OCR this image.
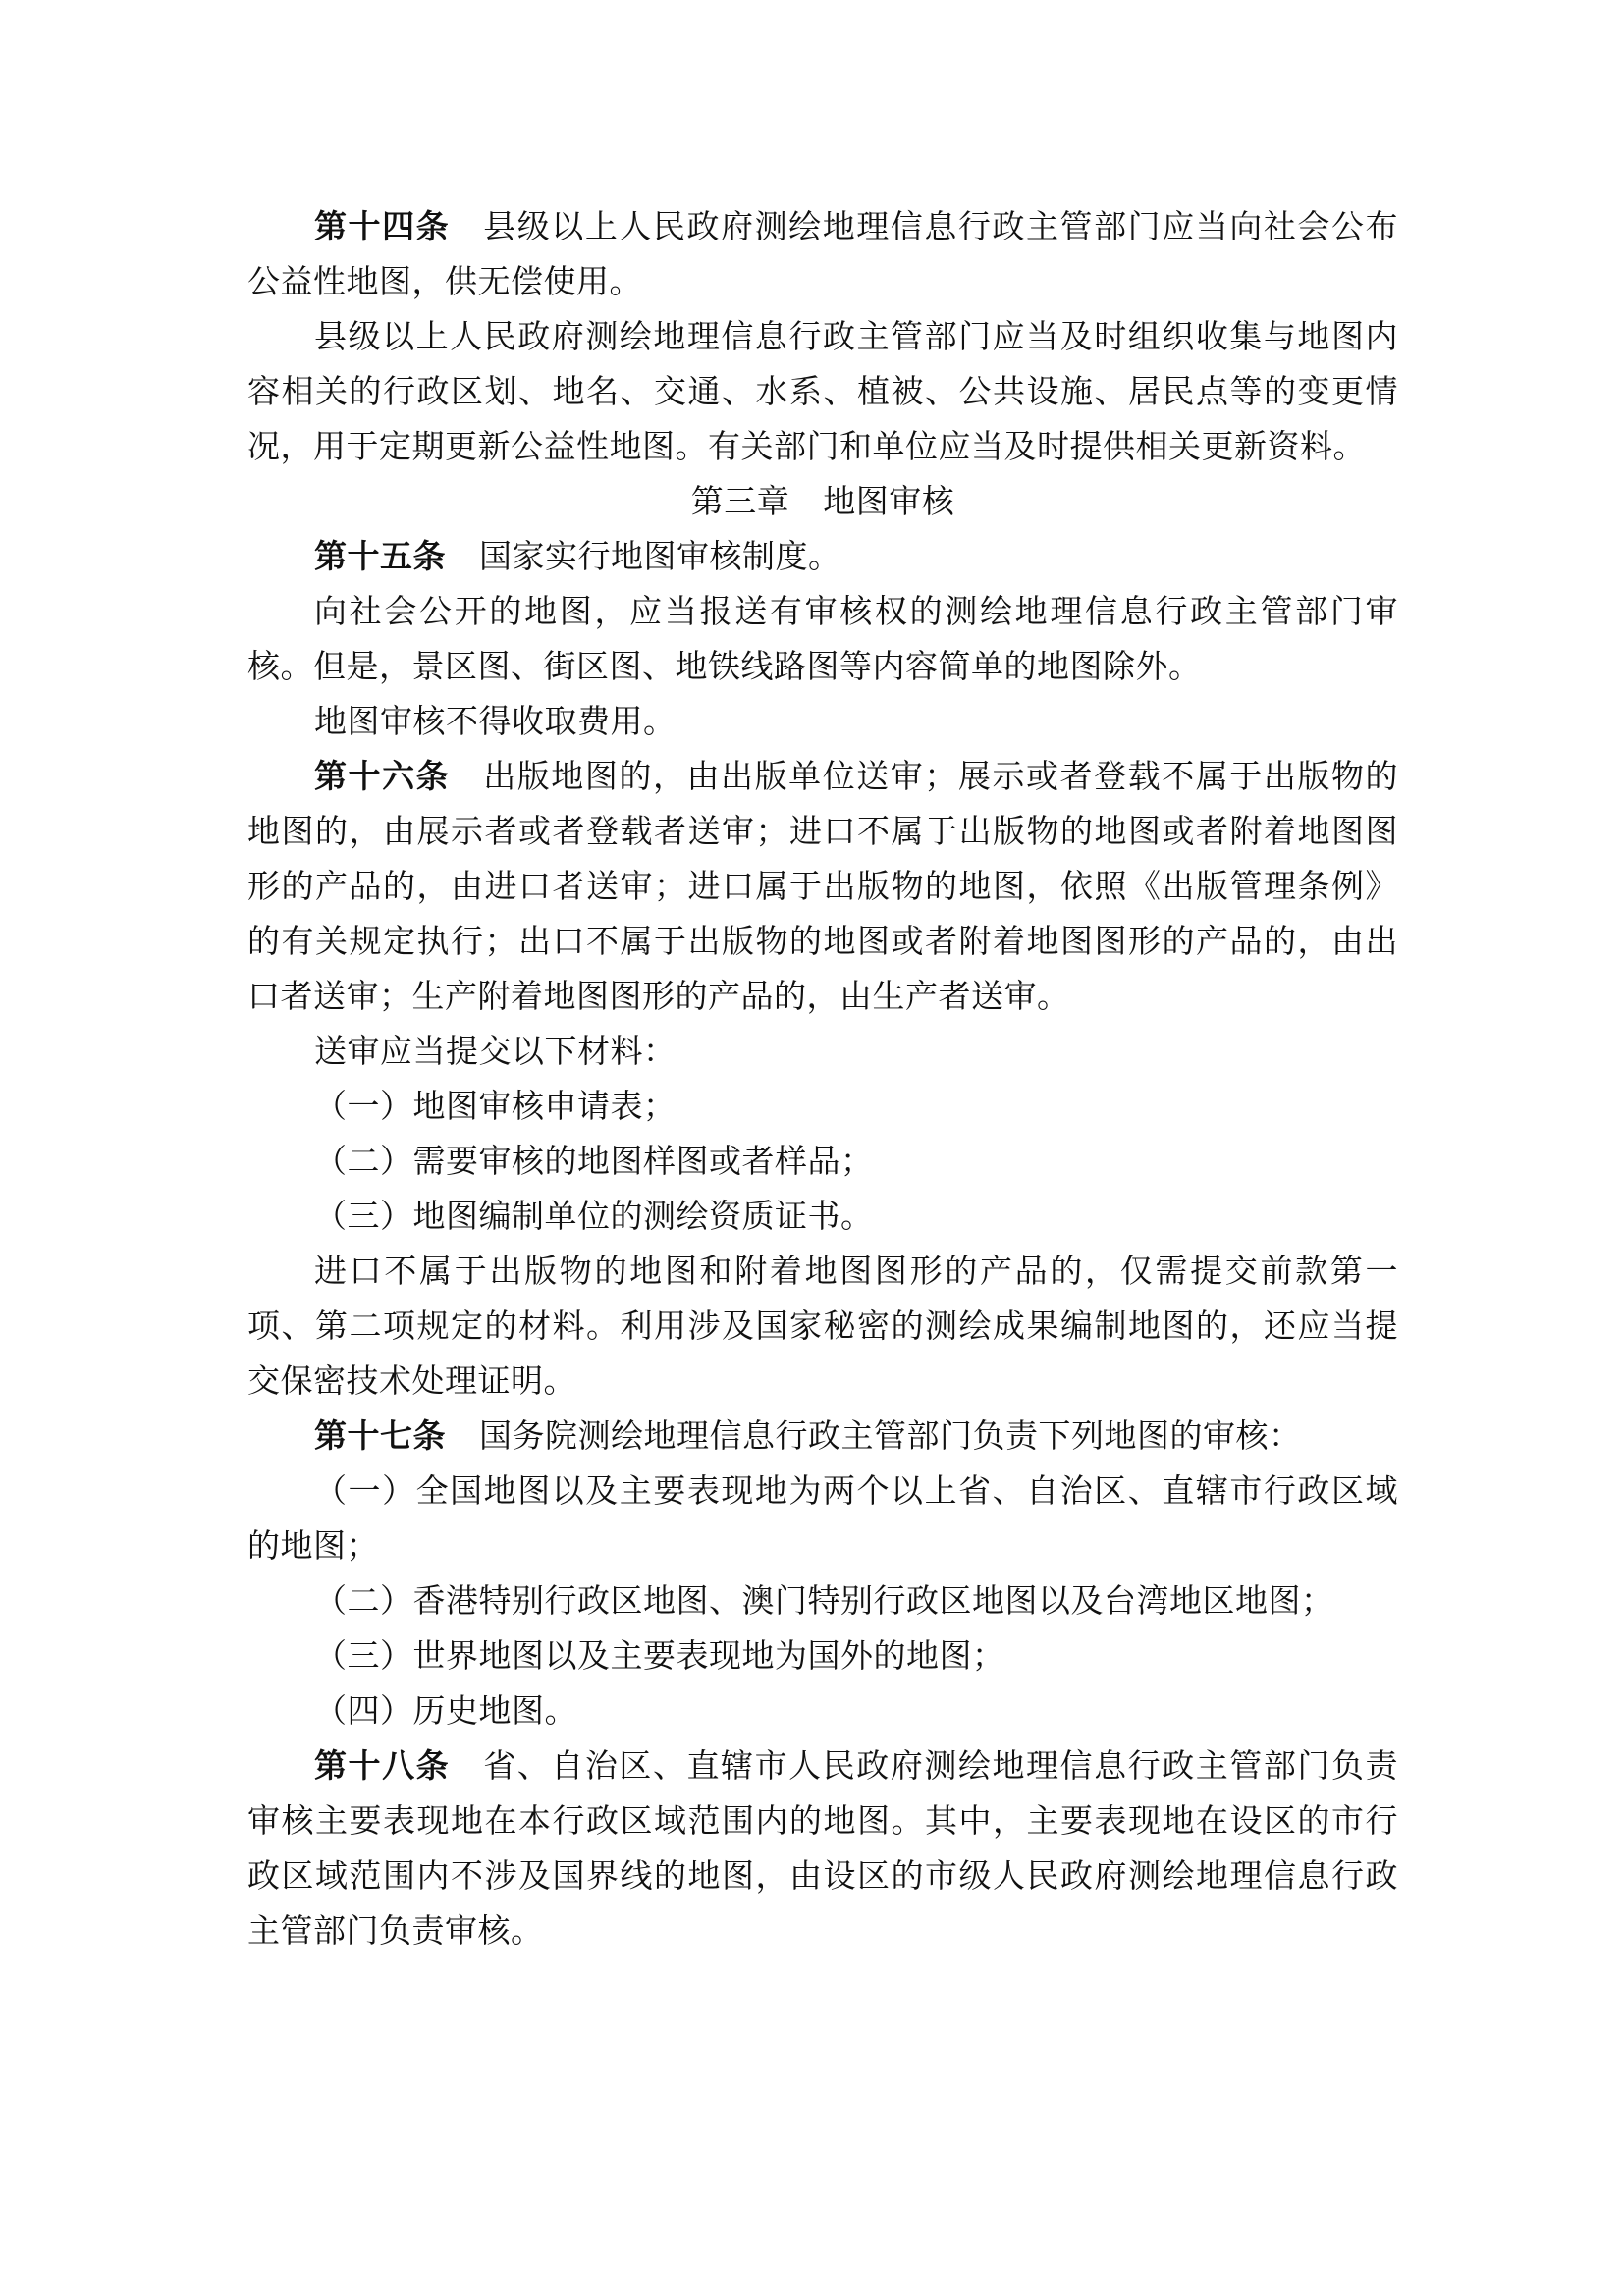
第十四条 县级以上人民政府测绘地理信息行政主管部门应当向社会公布公益性地图，供无偿使用。

县级以上人民政府测绘地理信息行政主管部门应当及时组织收集与地图内容相关的行政区划、地名、交通、水系、植被、公共设施、居民点等的变更情况，用于定期更新公益性地图。有关部门和单位应当及时提供相关更新资料。

第三章 地图审核

第十五条 国家实行地图审核制度。

向社会公开的地图，应当报送有审核权的测绘地理信息行政主管部门审核。但是，景区图、街区图、地铁线路图等内容简单的地图除外。

地图审核不得收取费用。

第十六条 出版地图的，由出版单位送审；展示或者登载不属于出版物的地图的，由展示者或者登载者送审；进口不属于出版物的地图或者附着地图图形的产品的，由进口者送审；进口属于出版物的地图，依照《出版管理条例》的有关规定执行；出口不属于出版物的地图或者附着地图图形的产品的，由出口者送审；生产附着地图图形的产品的，由生产者送审。

送审应当提交以下材料：

（一）地图审核申请表；

（二）需要审核的地图样图或者样品；

（三）地图编制单位的测绘资质证书。

进口不属于出版物的地图和附着地图图形的产品的，仅需提交前款第一项、第二项规定的材料。利用涉及国家秘密的测绘成果编制地图的，还应当提交保密技术处理证明。

第十七条 国务院测绘地理信息行政主管部门负责下列地图的审核：

（一）全国地图以及主要表现地为两个以上省、自治区、直辖市行政区域的地图；

（二）香港特别行政区地图、澳门特别行政区地图以及台湾地区地图；

（三）世界地图以及主要表现地为国外的地图；

（四）历史地图。

第十八条 省、自治区、直辖市人民政府测绘地理信息行政主管部门负责审核主要表现地在本行政区域范围内的地图。其中，主要表现地在设区的市行政区域范围内不涉及国界线的地图，由设区的市级人民政府测绘地理信息行政主管部门负责审核。
